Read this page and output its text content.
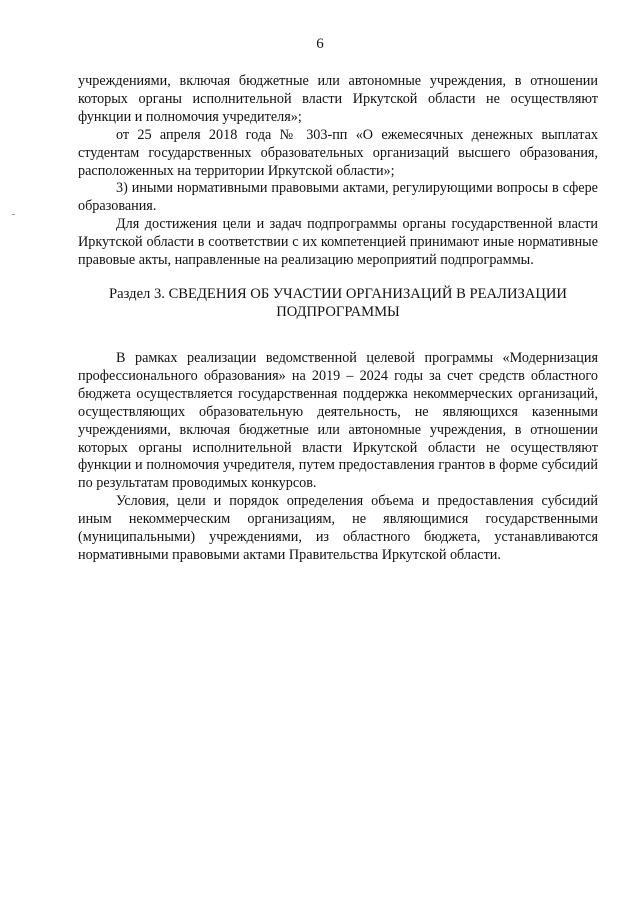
6

учреждениями, включая бюджетные или автономные учреждения, в отношении которых органы исполнительной власти Иркутской области не осуществляют функции и полномочия учредителя»;

от 25 апреля 2018 года № 303-пп «О ежемесячных денежных выплатах студентам государственных образовательных организаций высшего образования, расположенных на территории Иркутской области»;

3) иными нормативными правовыми актами, регулирующими вопросы в сфере образования.

Для достижения цели и задач подпрограммы органы государственной власти Иркутской области в соответствии с их компетенцией принимают иные нормативные правовые акты, направленные на реализацию мероприятий подпрограммы.

Раздел 3. СВЕДЕНИЯ ОБ УЧАСТИИ ОРГАНИЗАЦИЙ В РЕАЛИЗАЦИИ ПОДПРОГРАММЫ

В рамках реализации ведомственной целевой программы «Модернизация профессионального образования» на 2019 – 2024 годы за счет средств областного бюджета осуществляется государственная поддержка некоммерческих организаций, осуществляющих образовательную деятельность, не являющихся казенными учреждениями, включая бюджетные или автономные учреждения, в отношении которых органы исполнительной власти Иркутской области не осуществляют функции и полномочия учредителя, путем предоставления грантов в форме субсидий по результатам проводимых конкурсов.

Условия, цели и порядок определения объема и предоставления субсидий иным некоммерческим организациям, не являющимися государственными (муниципальными) учреждениями, из областного бюджета, устанавливаются нормативными правовыми актами Правительства Иркутской области.
